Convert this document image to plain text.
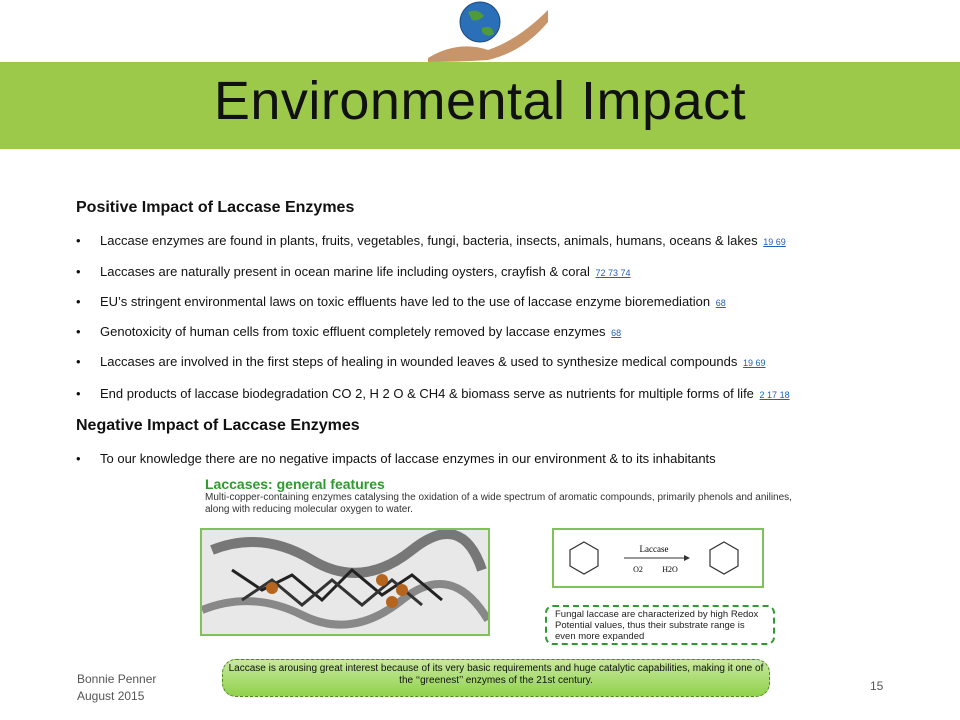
Environmental Impact
Positive Impact of Laccase Enzymes
• Laccase enzymes are found in plants, fruits, vegetables, fungi, bacteria, insects, animals, humans, oceans & lakes 19 69
• Laccases are naturally present in ocean marine life including oysters, crayfish & coral 72 73 74
• EU’s stringent environmental laws on toxic effluents have led to the use of laccase enzyme bioremediation 68
• Genotoxicity of human cells from toxic effluent completely removed by laccase enzymes 68
• Laccases are involved in the first steps of healing in wounded leaves & used to synthesize medical compounds 19 69
• End products of laccase biodegradation CO 2, H 2 O & CH4 & biomass serve as nutrients for multiple forms of life 2 17 18
Negative Impact of Laccase Enzymes
• To our knowledge there are no negative impacts of laccase enzymes in our environment & to its inhabitants
Laccases: general features
Multi-copper-containing enzymes catalysing the oxidation of a wide spectrum of aromatic compounds, primarily phenols and anilines, along with reducing molecular oxygen to water.
Laccase
O2 H2O
Fungal laccase are characterized by high Redox Potential values, thus their substrate range is even more expanded
Laccase is arousing great interest because of its very basic requirements and huge catalytic capabilities, making it one of the ‘‘greenest’’ enzymes of the 21st century.
Bonnie Penner
August 2015
15
